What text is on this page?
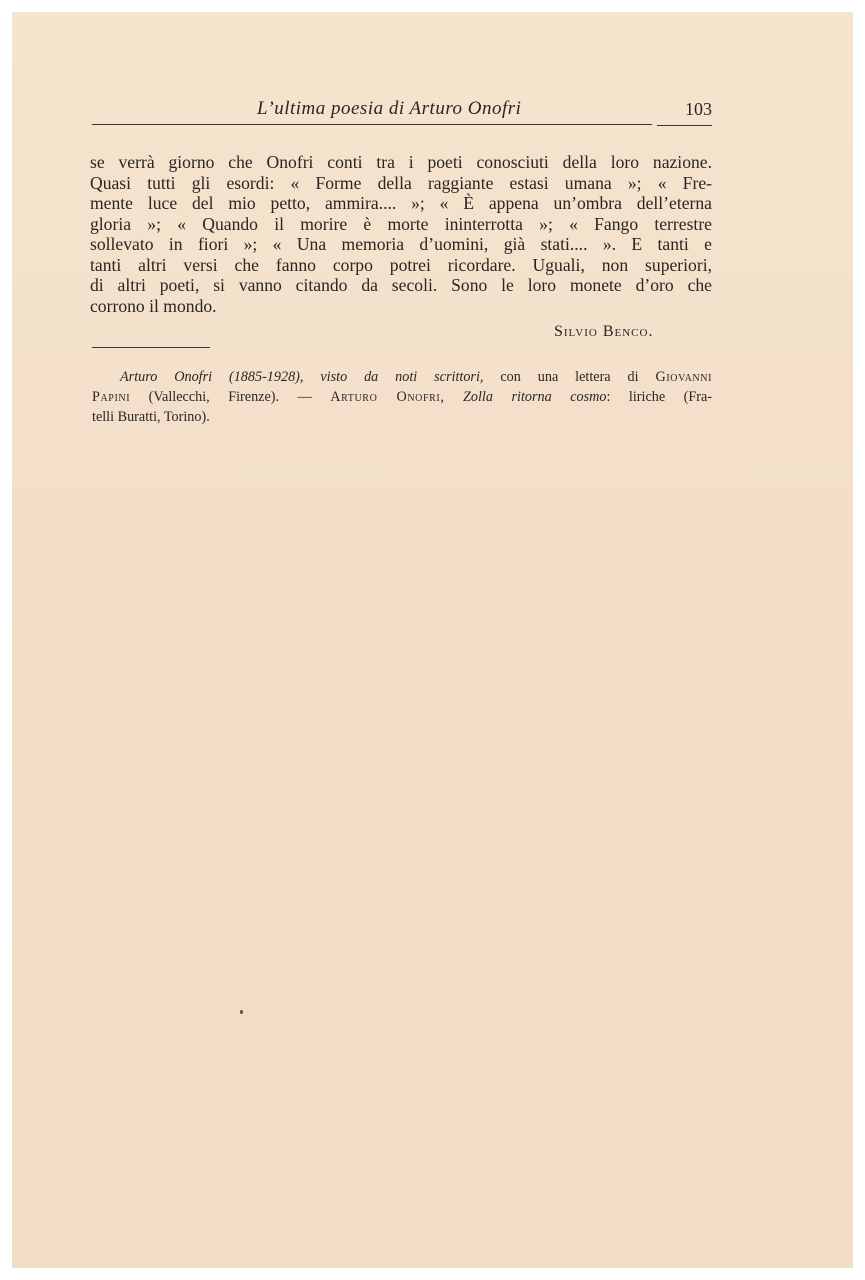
L’ultima poesia di Arturo Onofri	103
se verrà giorno che Onofri conti tra i poeti conosciuti della loro nazione.
Quasi tutti gli esordi: « Forme della raggiante estasi umana »; « Fre-
mente luce del mio petto, ammira.... »; « È appena un’ombra dell’eterna
gloria »; « Quando il morire è morte ininterrotta »; « Fango terrestre
sollevato in fiori »; « Una memoria d’uomini, già stati.... ». E tanti e
tanti altri versi che fanno corpo potrei ricordare. Uguali, non superiori,
di altri poeti, si vanno citando da secoli. Sono le loro monete d’oro che
corrono il mondo.
Silvio Benco.
Arturo Onofri (1885-1928), visto da noti scrittori, con una lettera di Giovanni
Papini (Vallecchi, Firenze). — Arturo Onofri, Zolla ritorna cosmo: liriche (Fra-
telli Buratti, Torino).
